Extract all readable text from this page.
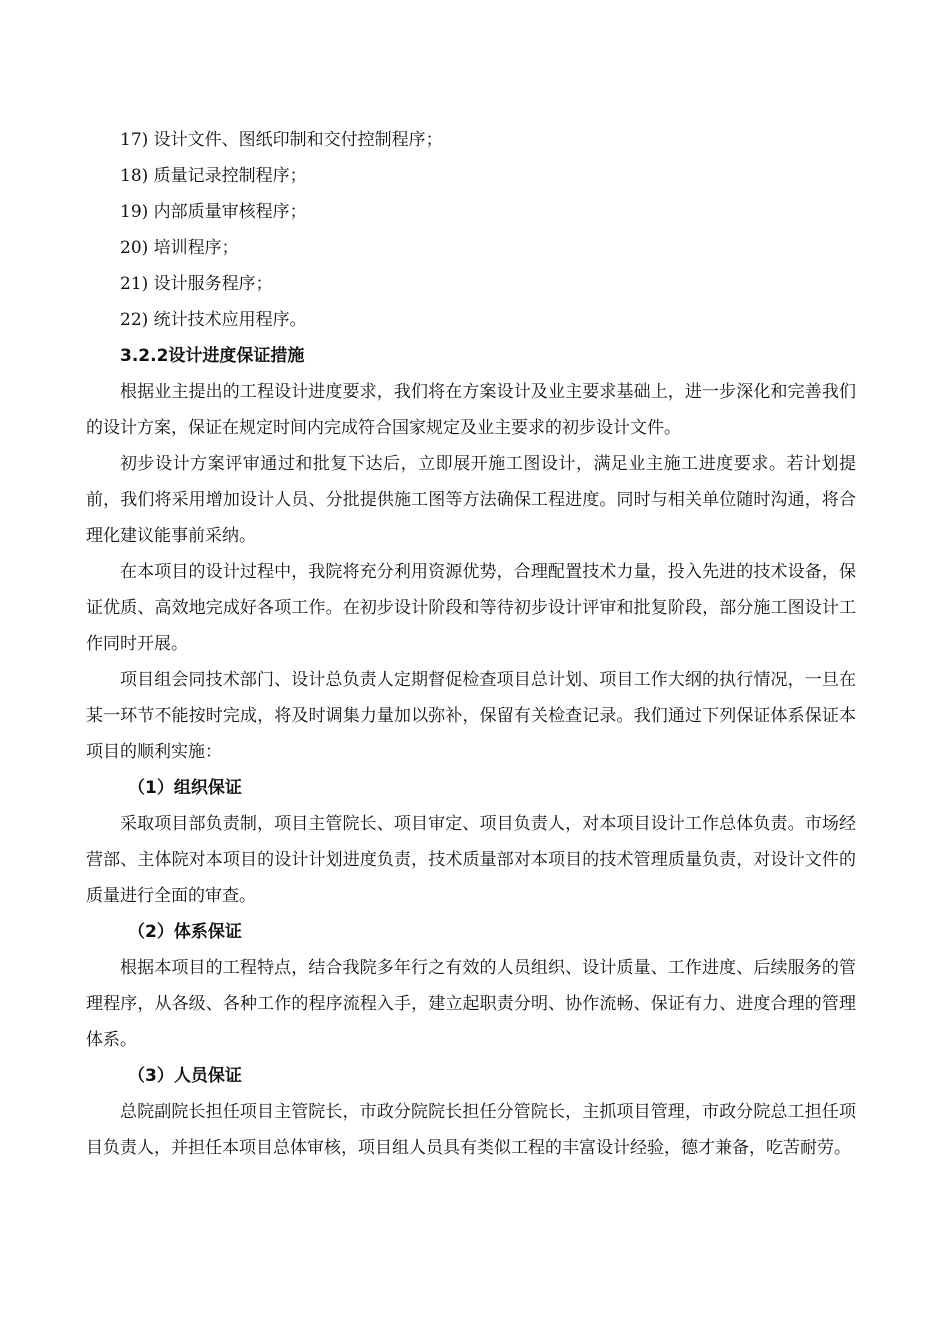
17) 设计文件、图纸印制和交付控制程序；
18) 质量记录控制程序；
19) 内部质量审核程序；
20) 培训程序；
21) 设计服务程序；
22) 统计技术应用程序。
3.2.2设计进度保证措施

根据业主提出的工程设计进度要求，我们将在方案设计及业主要求基础上，进一步深化和完善我们的设计方案，保证在规定时间内完成符合国家规定及业主要求的初步设计文件。

初步设计方案评审通过和批复下达后，立即展开施工图设计，满足业主施工进度要求。若计划提前，我们将采用增加设计人员、分批提供施工图等方法确保工程进度。同时与相关单位随时沟通，将合理化建议能事前采纳。

在本项目的设计过程中，我院将充分利用资源优势，合理配置技术力量，投入先进的技术设备，保证优质、高效地完成好各项工作。在初步设计阶段和等待初步设计评审和批复阶段，部分施工图设计工作同时开展。

项目组会同技术部门、设计总负责人定期督促检查项目总计划、项目工作大纲的执行情况，一旦在某一环节不能按时完成，将及时调集力量加以弥补，保留有关检查记录。我们通过下列保证体系保证本项目的顺利实施：

（1）组织保证

采取项目部负责制，项目主管院长、项目审定、项目负责人，对本项目设计工作总体负责。市场经营部、主体院对本项目的设计计划进度负责，技术质量部对本项目的技术管理质量负责，对设计文件的质量进行全面的审查。

（2）体系保证

根据本项目的工程特点，结合我院多年行之有效的人员组织、设计质量、工作进度、后续服务的管理程序，从各级、各种工作的程序流程入手，建立起职责分明、协作流畅、保证有力、进度合理的管理体系。

（3）人员保证

总院副院长担任项目主管院长，市政分院院长担任分管院长，主抓项目管理，市政分院总工担任项目负责人，并担任本项目总体审核，项目组人员具有类似工程的丰富设计经验，德才兼备，吃苦耐劳。
